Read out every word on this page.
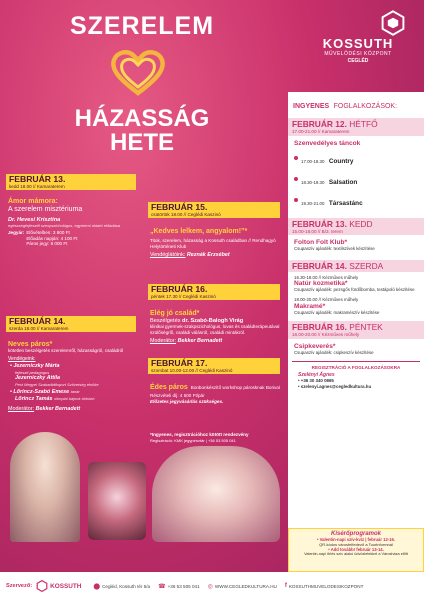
SZERELEM
HÁZASSÁG
HETE
KOSSUTH
MŰVELŐDÉSI KÖZPONT
CEGLÉD
FEBRUÁR 13.
kedd 18.00 // Kamaraterem
Ámor mámora:
A szerelem misztériuma
Dr. Hevesi Krisztina
egészségfejlesztő szexpszichológus, egyetemi oktató előadása
Jegyár: Elővételben: 3 800 Ft
Előadás napján: 4 100 Ft
Páros jegy: 6 000 Ft
FEBRUÁR 14.
szerda 18.00 // Kamaraterem
Neves páros*
kötetlen beszélgetés szerelemről, házasságról, családról
Vendégeink:
• Jezerniczky Márta
fejleszti pedagógus
Jezerniczky Attila
Pest Megyei Szabadidősport Szövetség elnöke
• Lőrincz-Szabó Emese tanár
Lőrincz Tamás olimpiai bajnok birkózó
Moderátor: Bekker Bernadett
FEBRUÁR 15.
csütörtök 18.00 // Ceglédi Kaszinó
„Kedves lelkem, angyalom!”*
Titok, szerelem, házasság a Kossuth családban // Rendhagyó Helytörténeti Klub
Vendéglátóink: Reznák Erzsébet
FEBRUÁR 16.
péntek 17.30 // Ceglédi Kaszinó
Elég jó család*
Beszélgetés dr. Szabó-Balogh Virág
klinikai gyermek-szakpszichológus, lovas és családterápeutával szülőségről, családi válásról, családi mintákról.
Moderátor: Bekker Bernadett
FEBRUÁR 17.
szombat 10.00-12.00 // Ceglédi Kaszinó
Édes páros Bonbonkészítő workshop párosknak Borival
Részvételi díj: 4 500 Ft/pár
Előzetes jegyvásárlás szükséges.
*Ingyenes, regisztrációhoz kötött rendezvény
Regisztráció: KMK jegypénztár | +36 53 505 041
INGYENES FOGLALKOZÁSOK:
FEBRUÁR 12. HÉTFŐ
17.00-21.00 // Kamaraterem
Szenvedélyes táncok
17.00-18.30 Country
18.30-19.30 Salsation
19.30-21.00 Társastánc
FEBRUÁR 13. KEDD
15.00-18.00 // B/3. terem
Folton Folt Klub*
Csupaszív ajándék: textilszívek készítése
FEBRUÁR 14. SZERDA
16.30-18.00 // Kézműves műhely
Natúr kozmetika*
Csupaszív ajándék: pezsgős fürdőbomba, testápoló készítése
18.00-20.00 // Kézműves műhely
Makramé*
Csupaszív ajándék: makramészív készítése
FEBRUÁR 16. PÉNTEK
16.00-20.00 // Kézműves műhely
Csipkeverés*
Csupaszív ajándék: csipkeszív készítése
REGISZTRÁCIÓ A FOGLALKOZÁSOKRA
Szelényi Ágnes
• +36 30 340 0865
• szelenyi.agnes@cegledkultura.hu
Kísérőprogramok
• Valentin-napi szív-kvíz | február 12-16.
QR-kódos városfelfedező a Tourinformnál
• Add tovább! február 13-14.
Valentin-napi őrlés szív alakú üdvözletekkel a Városháza előtt
Szervező:	KOSSUTH ⬤ Cegléd, Kossuth tér 5/a ☎ +36 53 505 041 ◎ WWW.CEGLEDKULTURA.HU f KOSSUTHMUVELODESIKOZPONT
